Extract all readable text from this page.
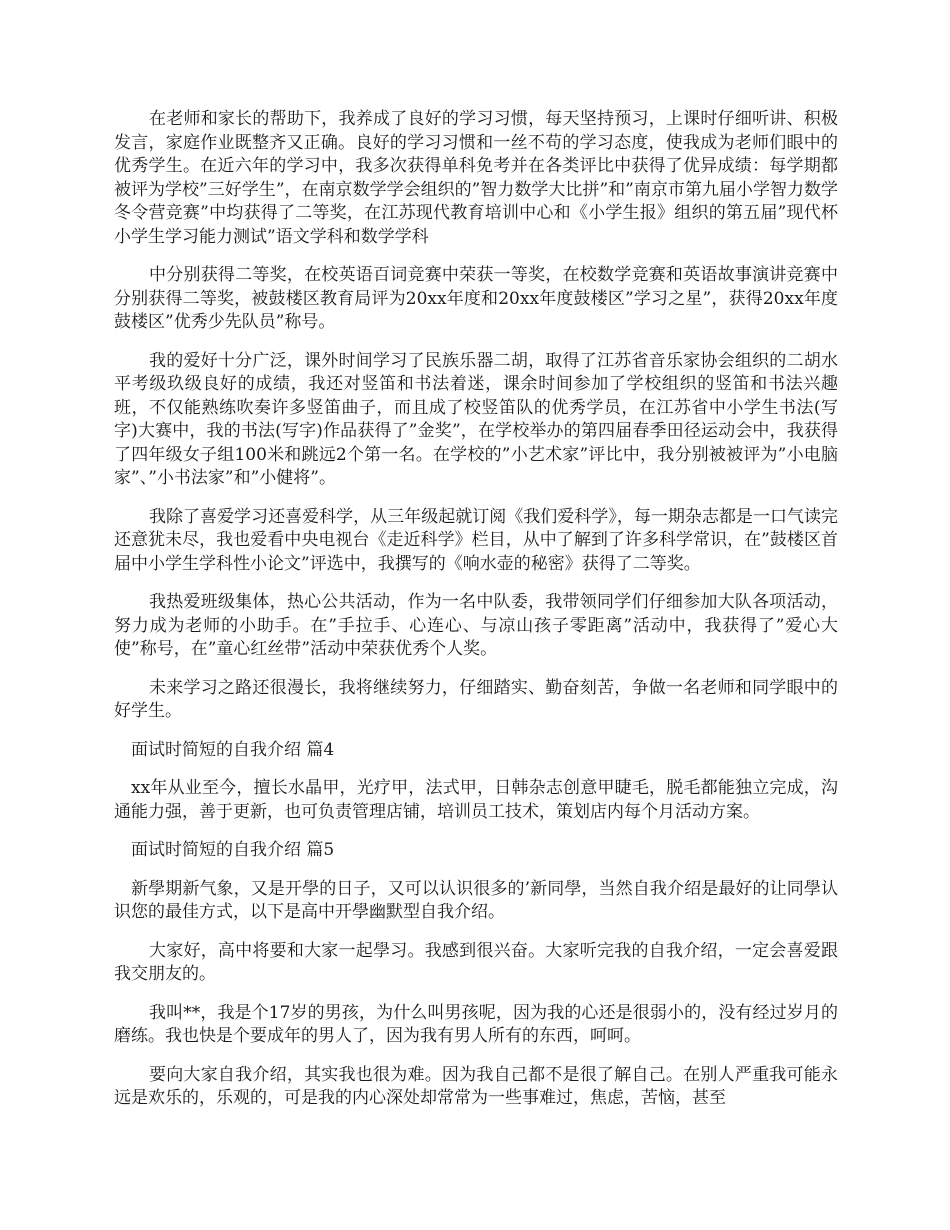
在老师和家长的帮助下，我养成了良好的学习习惯，每天坚持预习，上课时仔细听讲、积极发言，家庭作业既整齐又正确。良好的学习习惯和一丝不苟的学习态度，使我成为老师们眼中的优秀学生。在近六年的学习中，我多次获得单科免考并在各类评比中获得了优异成绩：每学期都被评为学校”三好学生”，在南京数学学会组织的”智力数学大比拼”和”南京市第九届小学智力数学冬令营竞赛”中均获得了二等奖，在江苏现代教育培训中心和《小学生报》组织的第五届”现代杯小学生学习能力测试”语文学科和数学学科

中分别获得二等奖，在校英语百词竞赛中荣获一等奖，在校数学竞赛和英语故事演讲竞赛中分别获得二等奖，被鼓楼区教育局评为20xx年度和20xx年度鼓楼区”学习之星”，获得20xx年度鼓楼区”优秀少先队员”称号。

我的爱好十分广泛，课外时间学习了民族乐器二胡，取得了江苏省音乐家协会组织的二胡水平考级玖级良好的成绩，我还对竖笛和书法着迷，课余时间参加了学校组织的竖笛和书法兴趣班，不仅能熟练吹奏许多竖笛曲子，而且成了校竖笛队的优秀学员，在江苏省中小学生书法(写字)大赛中，我的书法(写字)作品获得了”金奖”，在学校举办的第四届春季田径运动会中，我获得了四年级女子组100米和跳远2个第一名。在学校的”小艺术家”评比中，我分别被被评为”小电脑家”、”小书法家”和”小健将”。

我除了喜爱学习还喜爱科学，从三年级起就订阅《我们爱科学》，每一期杂志都是一口气读完还意犹未尽，我也爱看中央电视台《走近科学》栏目，从中了解到了许多科学常识，在”鼓楼区首届中小学生学科性小论文”评选中，我撰写的《响水壶的秘密》获得了二等奖。

我热爱班级集体，热心公共活动，作为一名中队委，我带领同学们仔细参加大队各项活动，努力成为老师的小助手。在”手拉手、心连心、与凉山孩子零距离”活动中，我获得了”爱心大使”称号，在”童心红丝带”活动中荣获优秀个人奖。

未来学习之路还很漫长，我将继续努力，仔细踏实、勤奋刻苦，争做一名老师和同学眼中的好学生。

面试时简短的自我介绍 篇4

xx年从业至今，擅长水晶甲，光疗甲，法式甲，日韩杂志创意甲睫毛，脱毛都能独立完成，沟通能力强，善于更新，也可负责管理店铺，培训员工技术，策划店内每个月活动方案。

面试时简短的自我介绍 篇5

新學期新气象，又是开學的日子，又可以认识很多的’新同學，当然自我介绍是最好的让同學认识您的最佳方式，以下是高中开學幽默型自我介绍。

大家好，高中将要和大家一起學习。我感到很兴奋。大家听完我的自我介绍，一定会喜爱跟我交朋友的。

我叫**，我是个17岁的男孩，为什么叫男孩呢，因为我的心还是很弱小的，没有经过岁月的磨练。我也快是个要成年的男人了，因为我有男人所有的东西，呵呵。

要向大家自我介绍，其实我也很为难。因为我自己都不是很了解自己。在别人严重我可能永远是欢乐的，乐观的，可是我的内心深处却常常为一些事难过，焦虑，苦恼，甚至
